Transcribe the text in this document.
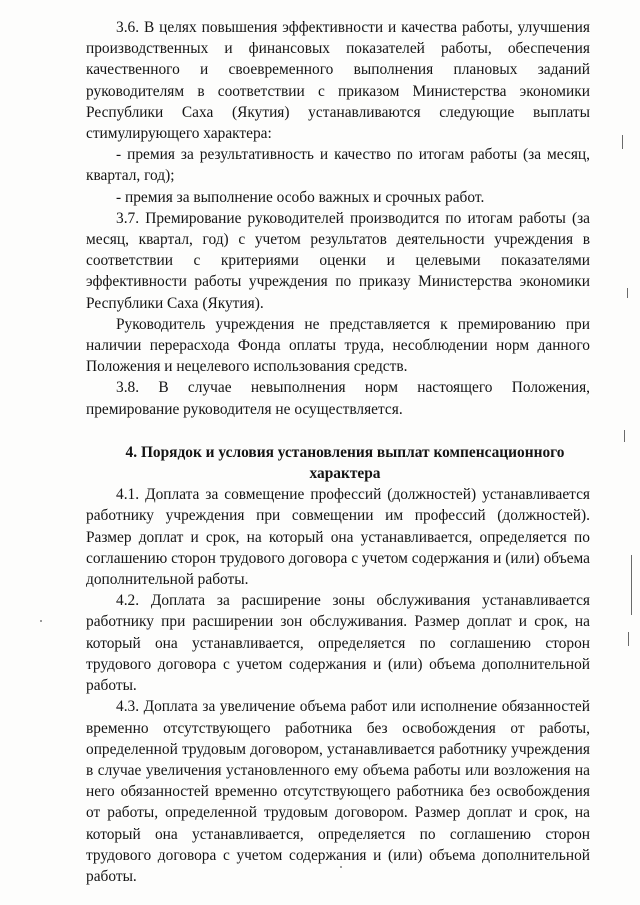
3.6. В целях повышения эффективности и качества работы, улучшения производственных и финансовых показателей работы, обеспечения качественного и своевременного выполнения плановых заданий руководителям в соответствии с приказом Министерства экономики Республики Саха (Якутия) устанавливаются следующие выплаты стимулирующего характера:

- премия за результативность и качество по итогам работы (за месяц, квартал, год);

- премия за выполнение особо важных и срочных работ.

3.7. Премирование руководителей производится по итогам работы (за месяц, квартал, год) с учетом результатов деятельности учреждения в соответствии с критериями оценки и целевыми показателями эффективности работы учреждения по приказу Министерства экономики Республики Саха (Якутия).

Руководитель учреждения не представляется к премированию при наличии перерасхода Фонда оплаты труда, несоблюдении норм данного Положения и нецелевого использования средств.

3.8. В случае невыполнения норм настоящего Положения, премирование руководителя не осуществляется.

4. Порядок и условия установления выплат компенсационного характера

4.1. Доплата за совмещение профессий (должностей) устанавливается работнику учреждения при совмещении им профессий (должностей). Размер доплат и срок, на который она устанавливается, определяется по соглашению сторон трудового договора с учетом содержания и (или) объема дополнительной работы.

4.2. Доплата за расширение зоны обслуживания устанавливается работнику при расширении зон обслуживания. Размер доплат и срок, на который она устанавливается, определяется по соглашению сторон трудового договора с учетом содержания и (или) объема дополнительной работы.

4.3. Доплата за увеличение объема работ или исполнение обязанностей временно отсутствующего работника без освобождения от работы, определенной трудовым договором, устанавливается работнику учреждения в случае увеличения установленного ему объема работы или возложения на него обязанностей временно отсутствующего работника без освобождения от работы, определенной трудовым договором. Размер доплат и срок, на который она устанавливается, определяется по соглашению сторон трудового договора с учетом содержания и (или) объема дополнительной работы.
